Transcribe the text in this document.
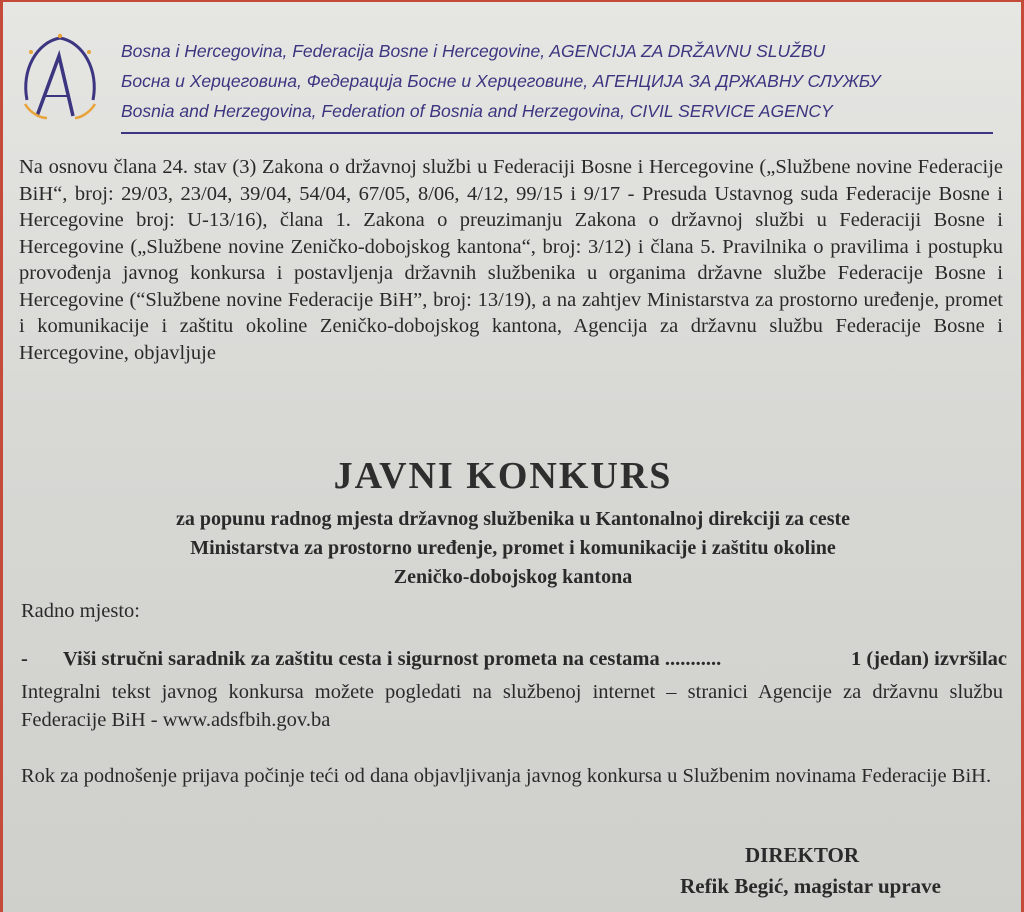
Bosna i Hercegovina, Federacija Bosne i Hercegovine, AGENCIJA ZA DRŽAVNU SLUŽBU
Босна и Херцеговина, Федерација Босне и Херцеговине, АГЕНЦИЈА ЗА ДРЖАВНУ СЛУЖБУ
Bosnia and Herzegovina, Federation of Bosnia and Herzegovina, CIVIL SERVICE AGENCY
Na osnovu člana 24. stav (3) Zakona o državnoj službi u Federaciji Bosne i Hercegovine („Službene novine Federacije BiH“, broj: 29/03, 23/04, 39/04, 54/04, 67/05, 8/06, 4/12, 99/15 i 9/17 - Presuda Ustavnog suda Federacije Bosne i Hercegovine broj: U-13/16), člana 1. Zakona o preuzimanju Zakona o državnoj službi u Federaciji Bosne i Hercegovine („Službene novine Zeničko-dobojskog kantona“, broj: 3/12) i člana 5. Pravilnika o pravilima i postupku provođenja javnog konkursa i postavljenja državnih službenika u organima državne službe Federacije Bosne i Hercegovine (“Službene novine Federacije BiH”, broj: 13/19), a na zahtjev Ministarstva za prostorno uređenje, promet i komunikacije i zaštitu okoline Zeničko-dobojskog kantona, Agencija za državnu službu Federacije Bosne i Hercegovine, objavljuje
JAVNI KONKURS
za popunu radnog mjesta državnog službenika u Kantonalnoj direkciji za ceste
Ministarstva za prostorno uređenje, promet i komunikacije i zaštitu okoline
Zeničko-dobojskog kantona
Radno mjesto:
- Viši stručni saradnik za zaštitu cesta i sigurnost prometa na cestama ...........	1 (jedan) izvršilac
Integralni tekst javnog konkursa možete pogledati na službenoj internet – stranici Agencije za državnu službu Federacije BiH - www.adsfbih.gov.ba
Rok za podnošenje prijava počinje teći od dana objavljivanja javnog konkursa u Službenim novinama Federacije BiH.
DIREKTOR
Refik Begić, magistar uprave
